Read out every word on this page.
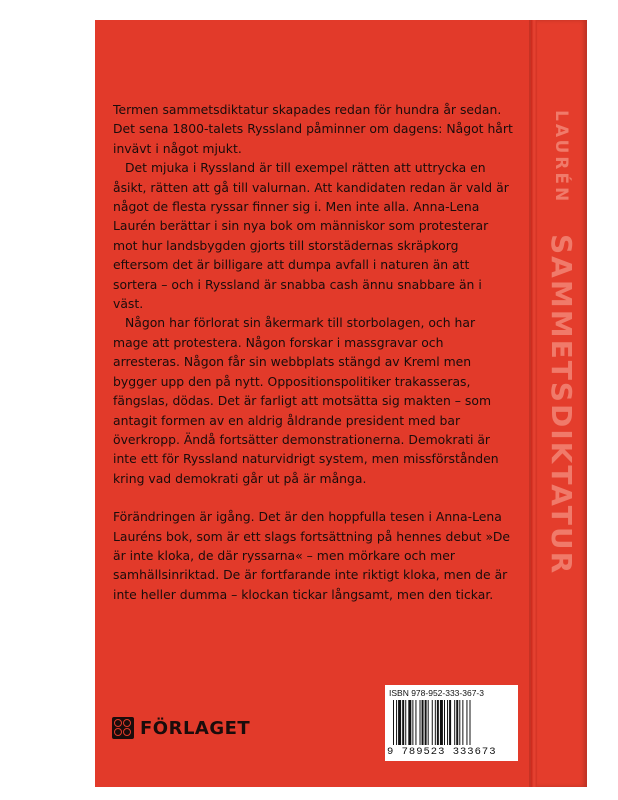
Termen sammetsdiktatur skapades redan för hundra år sedan. Det sena 1800-talets Ryssland påminner om dagens: Något hårt invävt i något mjukt.

Det mjuka i Ryssland är till exempel rätten att uttrycka en åsikt, rätten att gå till valurnan. Att kandidaten redan är vald är något de flesta ryssar finner sig i. Men inte alla. Anna-Lena Laurén berättar i sin nya bok om människor som protesterar mot hur landsbygden gjorts till storstädernas skräpkorg eftersom det är billigare att dumpa avfall i naturen än att sortera – och i Ryssland är snabba cash ännu snabbare än i väst.

Någon har förlorat sin åkermark till storbolagen, och har mage att protestera. Någon forskar i massgravar och arresteras. Någon får sin webbplats stängd av Kreml men bygger upp den på nytt. Oppositionspolitiker trakasseras, fängslas, dödas. Det är farligt att motsätta sig makten – som antagit formen av en aldrig åldrande president med bar överkropp. Ändå fortsätter demonstrationerna. Demokrati är inte ett för Ryssland naturvidrigt system, men missförstånden kring vad demokrati går ut på är många.

Förändringen är igång. Det är den hoppfulla tesen i Anna-Lena Lauréns bok, som är ett slags fortsättning på hennes debut »De är inte kloka, de där ryssarna« – men mörkare och mer samhällsinriktad. De är fortfarande inte riktigt kloka, men de är inte heller dumma – klockan tickar långsamt, men den tickar.

FÖRLAGET
ISBN 978-952-333-367-3
9 789523 333673
LAURÉN SAMMETSDIKTATUR
